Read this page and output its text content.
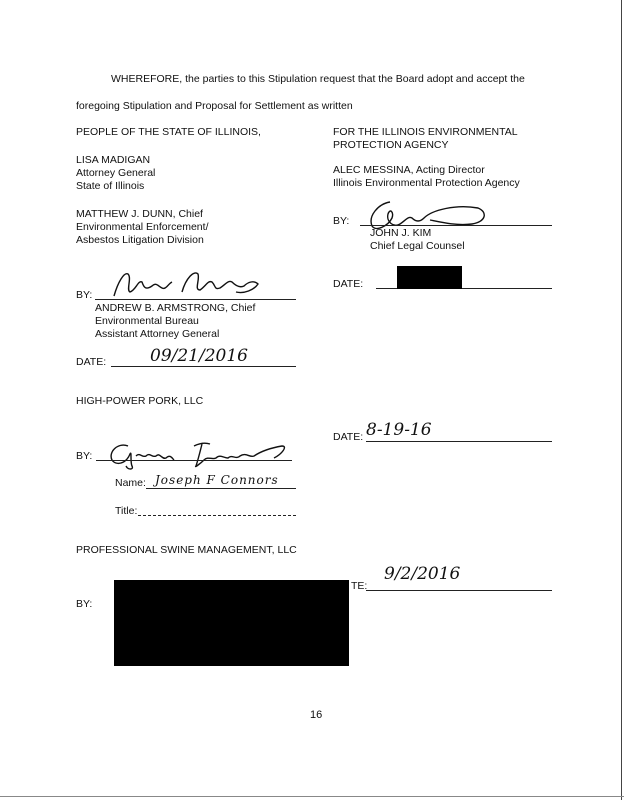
WHEREFORE, the parties to this Stipulation request that the Board adopt and accept the
foregoing Stipulation and Proposal for Settlement as written
PEOPLE OF THE STATE OF ILLINOIS,
LISA MADIGAN
Attorney General
State of Illinois
MATTHEW J. DUNN, Chief
Environmental Enforcement/
Asbestos Litigation Division
BY:
ANDREW B. ARMSTRONG, Chief
Environmental Bureau
Assistant Attorney General
DATE:	09/21/2016
FOR THE ILLINOIS ENVIRONMENTAL
PROTECTION AGENCY
ALEC MESSINA, Acting Director
Illinois Environmental Protection Agency
BY:
JOHN J. KIM
Chief Legal Counsel
DATE:
HIGH-POWER PORK, LLC
BY:
Name: Joseph F Connors
Title:
DATE: 8-19-16
PROFESSIONAL SWINE MANAGEMENT, LLC
BY:
TE:
9/2/2016
16
